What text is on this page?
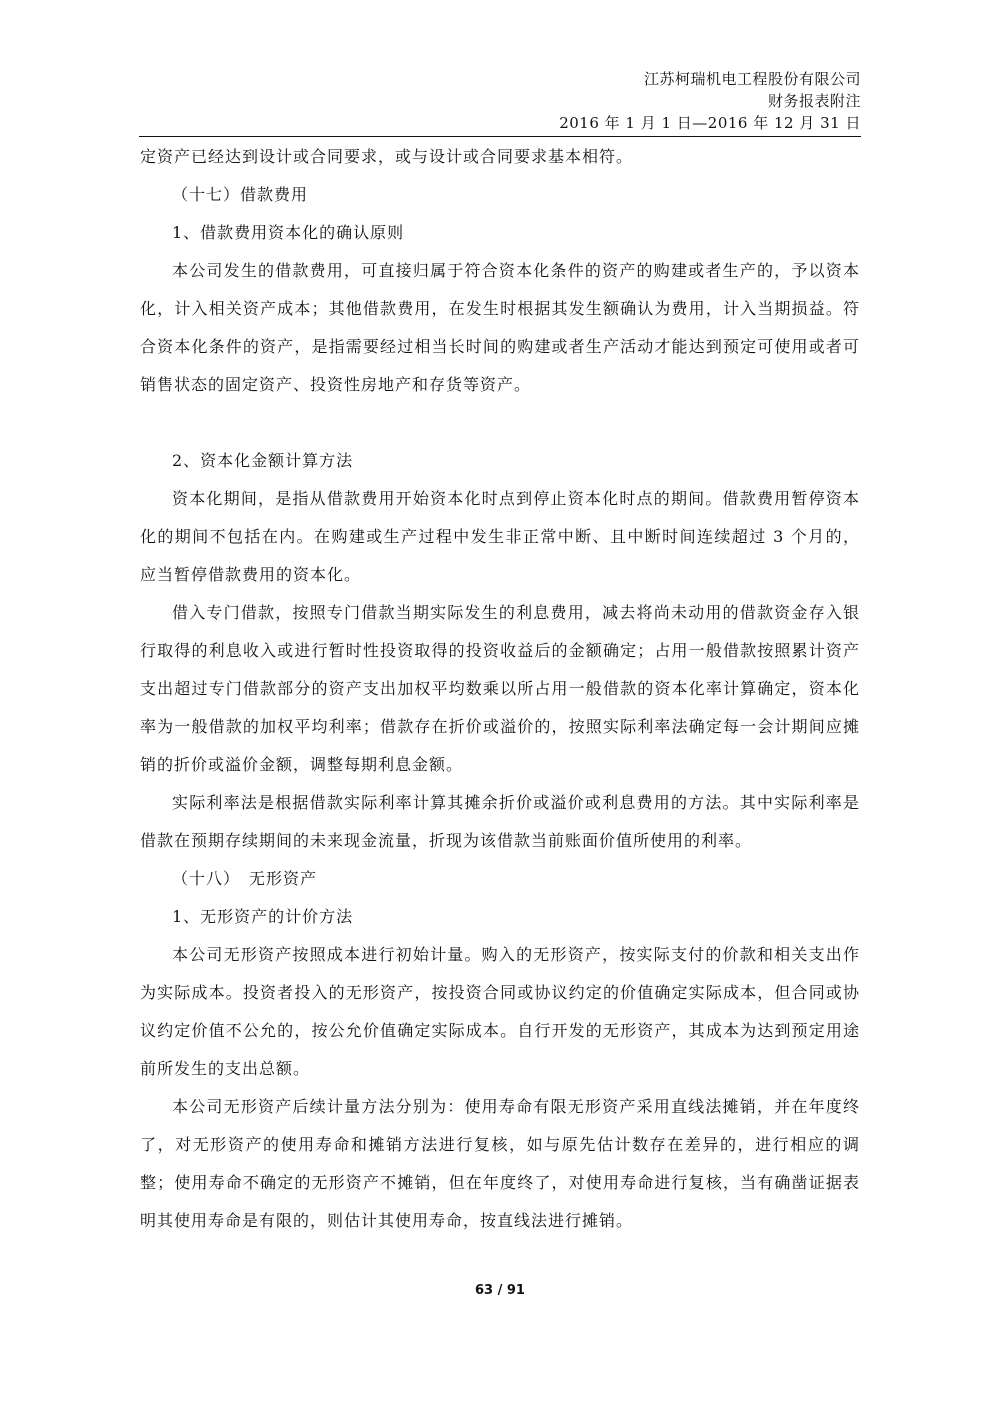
江苏柯瑞机电工程股份有限公司
财务报表附注
2016 年 1 月 1 日—2016 年 12 月 31 日

定资产已经达到设计或合同要求，或与设计或合同要求基本相符。

（十七）借款费用

1、借款费用资本化的确认原则

本公司发生的借款费用，可直接归属于符合资本化条件的资产的购建或者生产的，予以资本化，计入相关资产成本；其他借款费用，在发生时根据其发生额确认为费用，计入当期损益。符合资本化条件的资产，是指需要经过相当长时间的购建或者生产活动才能达到预定可使用或者可销售状态的固定资产、投资性房地产和存货等资产。

2、资本化金额计算方法

资本化期间，是指从借款费用开始资本化时点到停止资本化时点的期间。借款费用暂停资本化的期间不包括在内。在购建或生产过程中发生非正常中断、且中断时间连续超过 3 个月的，应当暂停借款费用的资本化。

借入专门借款，按照专门借款当期实际发生的利息费用，减去将尚未动用的借款资金存入银行取得的利息收入或进行暂时性投资取得的投资收益后的金额确定；占用一般借款按照累计资产支出超过专门借款部分的资产支出加权平均数乘以所占用一般借款的资本化率计算确定，资本化率为一般借款的加权平均利率；借款存在折价或溢价的，按照实际利率法确定每一会计期间应摊销的折价或溢价金额，调整每期利息金额。

实际利率法是根据借款实际利率计算其摊余折价或溢价或利息费用的方法。其中实际利率是借款在预期存续期间的未来现金流量，折现为该借款当前账面价值所使用的利率。

（十八）　无形资产

1、无形资产的计价方法

本公司无形资产按照成本进行初始计量。购入的无形资产，按实际支付的价款和相关支出作为实际成本。投资者投入的无形资产，按投资合同或协议约定的价值确定实际成本，但合同或协议约定价值不公允的，按公允价值确定实际成本。自行开发的无形资产，其成本为达到预定用途前所发生的支出总额。

本公司无形资产后续计量方法分别为：使用寿命有限无形资产采用直线法摊销，并在年度终了，对无形资产的使用寿命和摊销方法进行复核，如与原先估计数存在差异的，进行相应的调整；使用寿命不确定的无形资产不摊销，但在年度终了，对使用寿命进行复核，当有确凿证据表明其使用寿命是有限的，则估计其使用寿命，按直线法进行摊销。

63 / 91
